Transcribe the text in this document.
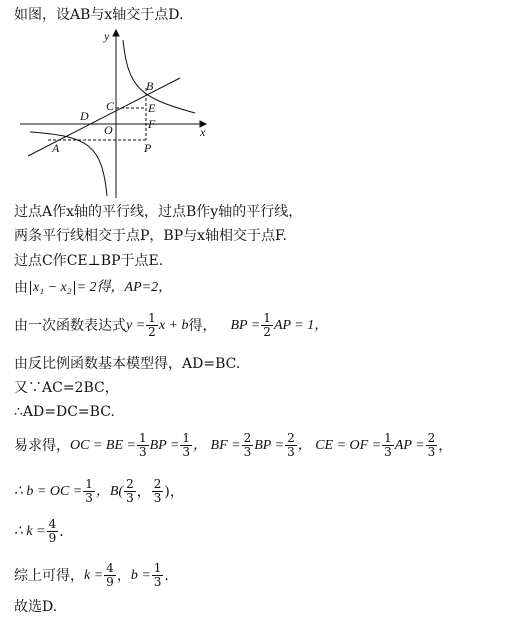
如图，设AB与x轴交于点D.
y
x
B
C	E
D
O	F
A	P
过点A作x轴的平行线，过点B作y轴的平行线，
两条平行线相交于点P，BP与x轴相交于点F.
过点C作CE⊥BP于点E.
由 x₁ − x₂ = 2得，AP=2，
由一次函数表达式 $y = \frac{1}{2}$ x + b 得， BP = $\frac{1}{2}$ AP = 1，
由反比例函数基本模型得，AD=BC.
又∵AC=2BC，
∴AD=DC=BC.
易求得， OC = BE = $\frac{1}{3}$ BP = $\frac{1}{3}$ ， BF = $\frac{2}{3}$ BP = $\frac{2}{3}$ ， CE = OF = $\frac{1}{3}$ AP = $\frac{2}{3}$ ，
∴ b = OC = $\frac{1}{3}$ ，$B( \frac{2}{3}$ ， $\frac{2}{3}$ )，
∴ $k = \frac{4}{9}$ .
综上可得， $k = \frac{4}{9}$ ， $b = \frac{1}{3}$ .
故选D.
